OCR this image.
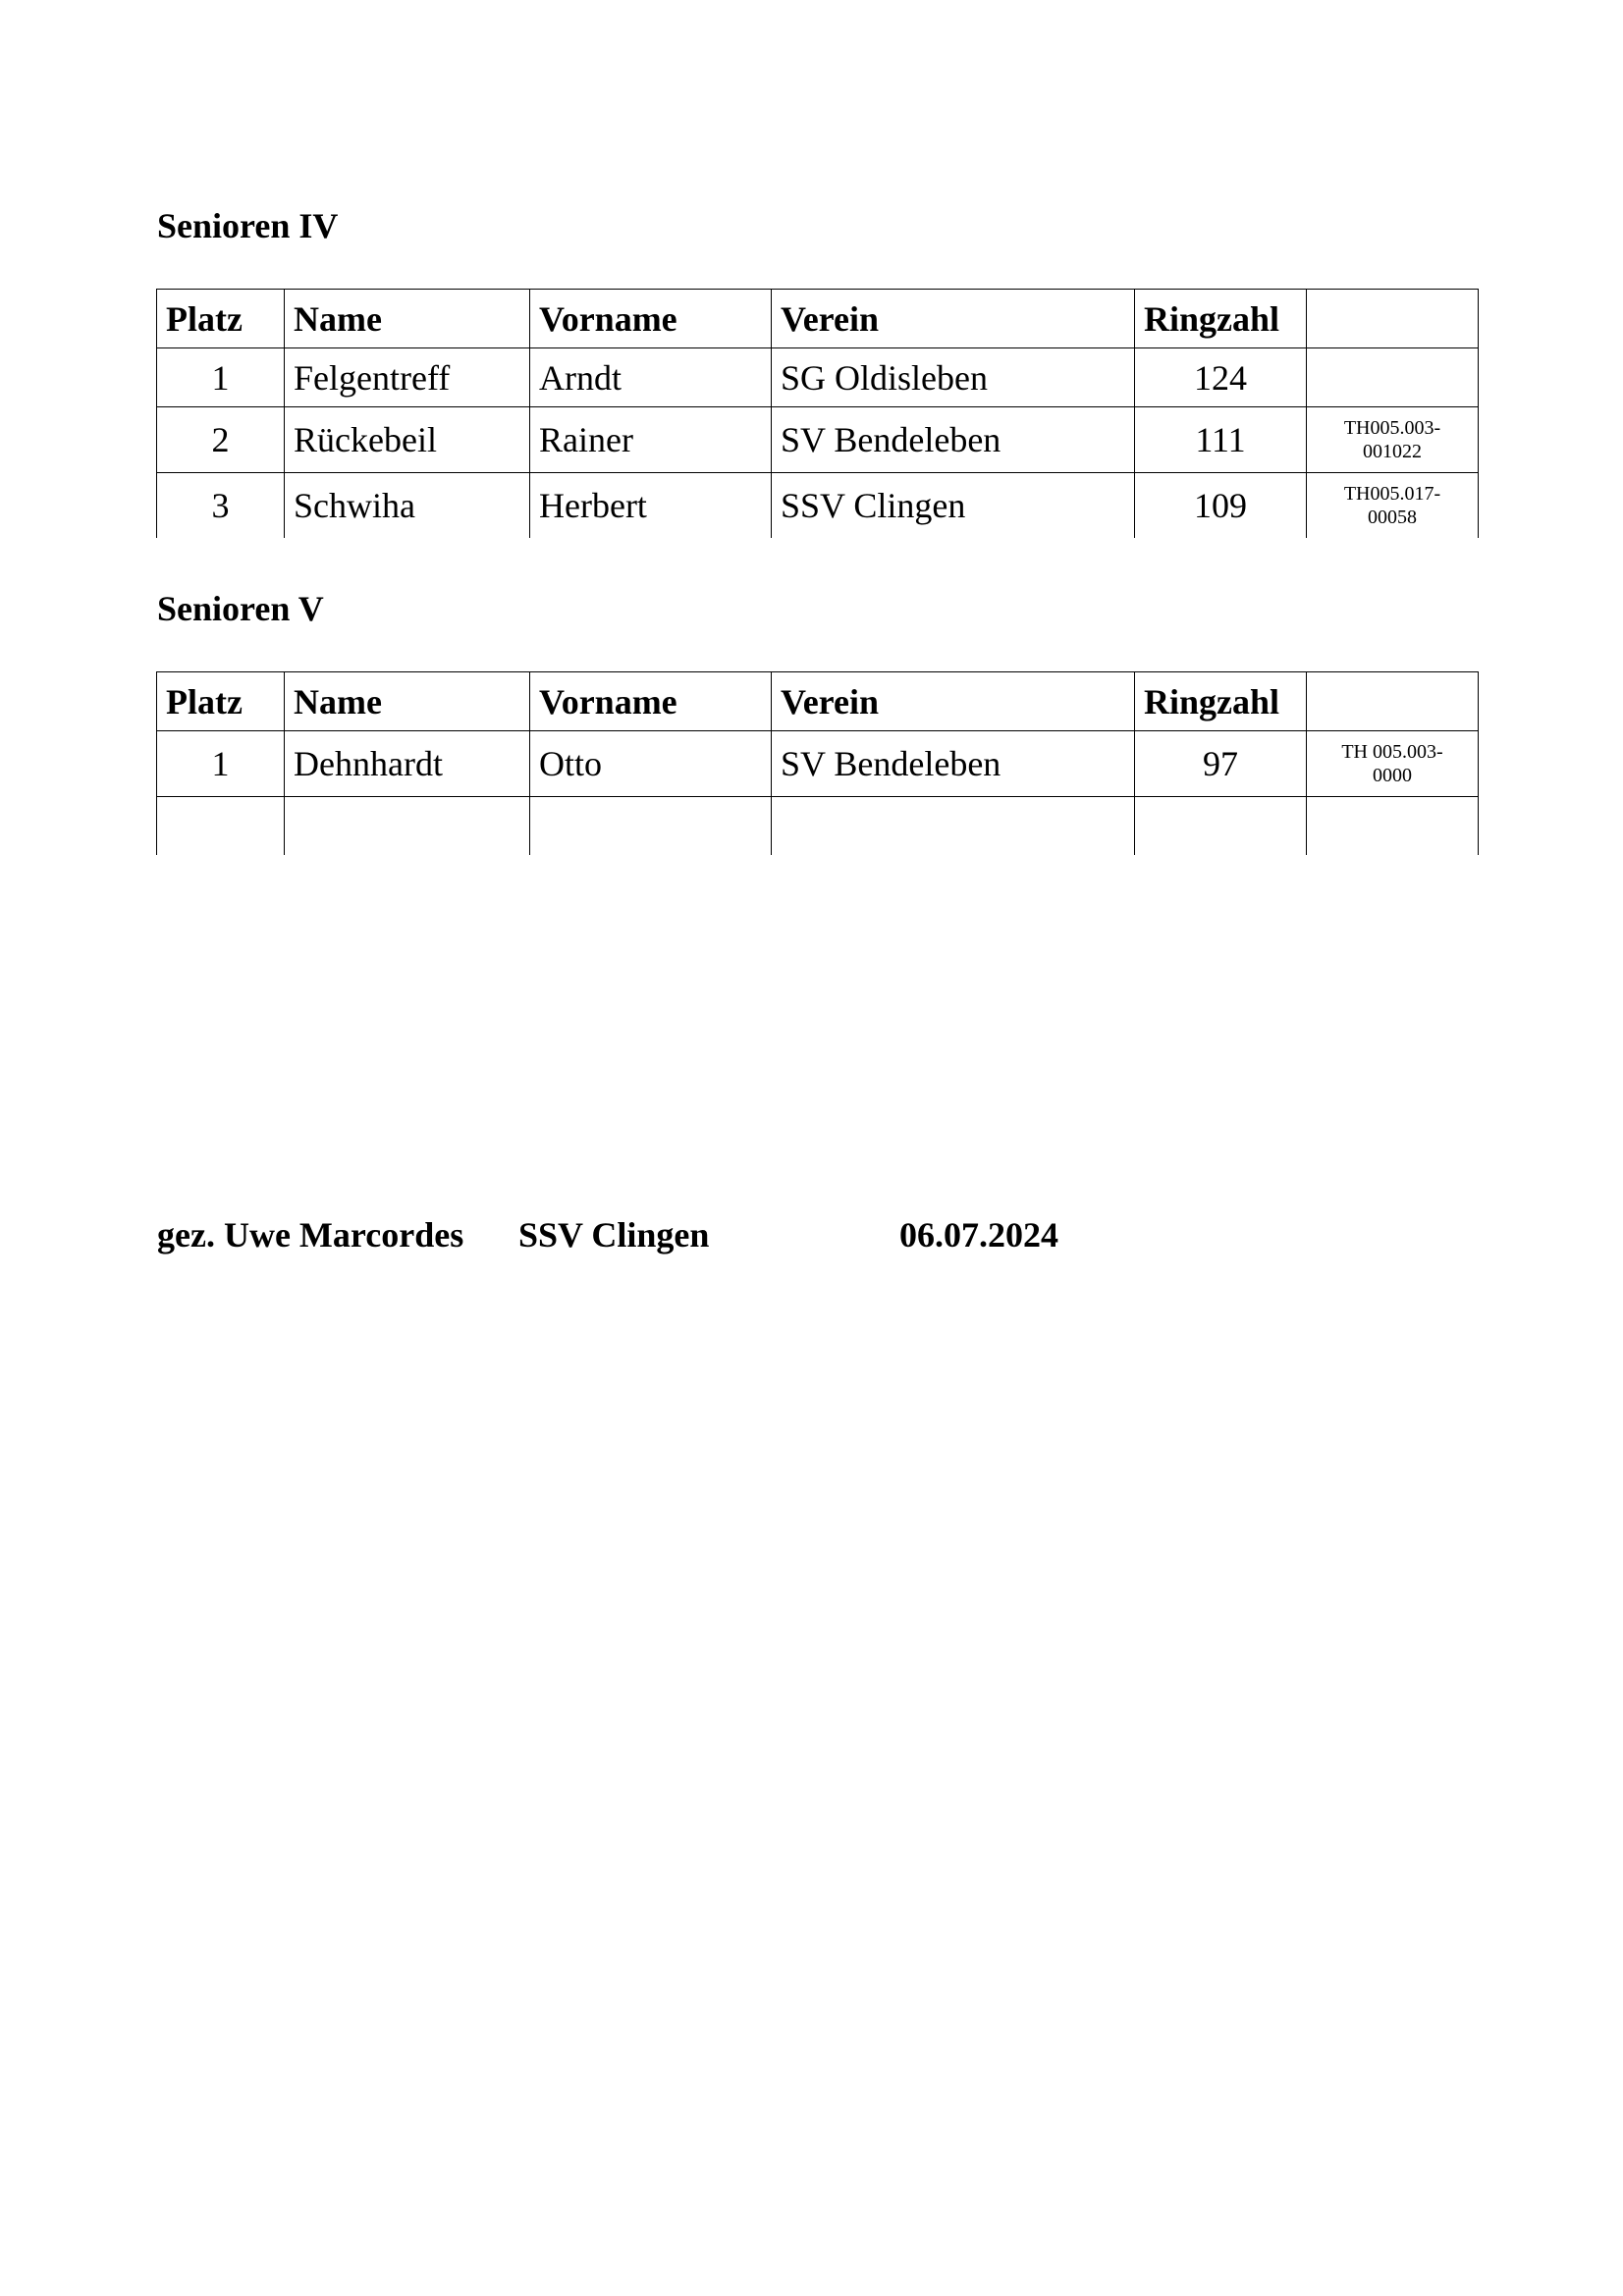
Senioren IV
Platz	Name	Vorname	Verein	Ringzahl	
1	Felgentreff	Arndt	SG Oldisleben	124	
2	Rückebeil	Rainer	SV Bendeleben	111	TH005.003-
001022
3	Schwiha	Herbert	SSV Clingen	109	TH005.017-
00058
Senioren V
Platz	Name	Vorname	Verein	Ringzahl	
1	Dehnhardt	Otto	SV Bendeleben	97	TH 005.003-
0000

gez. Uwe Marcordes SSV Clingen	06.07.2024
